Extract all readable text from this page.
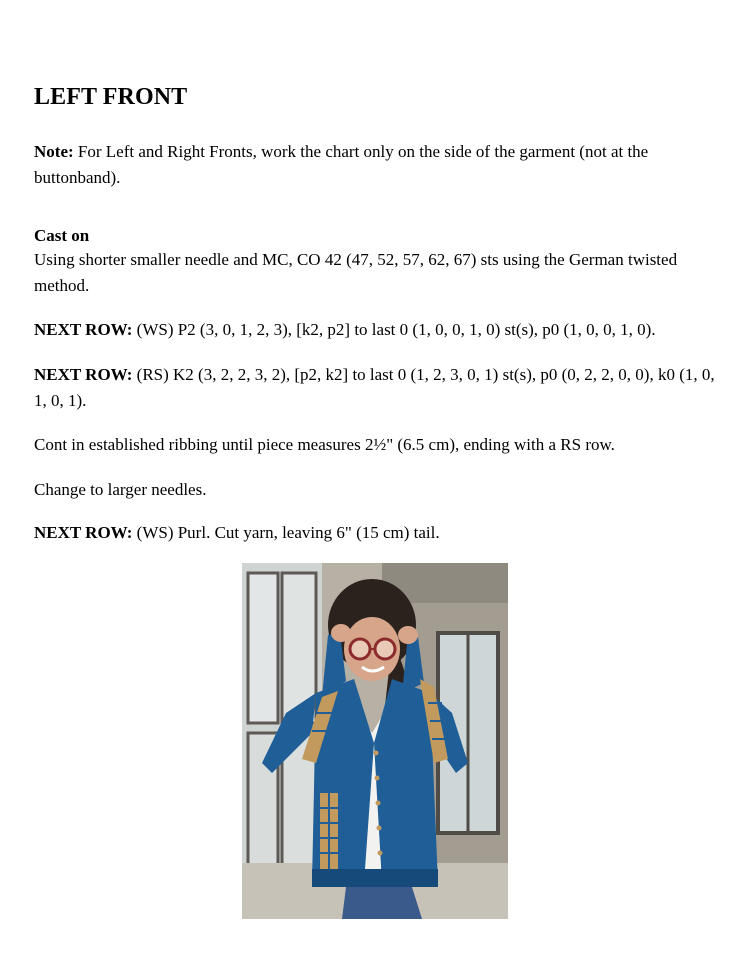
LEFT FRONT

Note: For Left and Right Fronts, work the chart only on the side of the garment (not at the buttonband).

Cast on

Using shorter smaller needle and MC, CO 42 (47, 52, 57, 62, 67) sts using the German twisted method.

NEXT ROW: (WS) P2 (3, 0, 1, 2, 3), [k2, p2] to last 0 (1, 0, 0, 1, 0) st(s), p0 (1, 0, 0, 1, 0).

NEXT ROW: (RS) K2 (3, 2, 2, 3, 2), [p2, k2] to last 0 (1, 2, 3, 0, 1) st(s), p0 (0, 2, 2, 0, 0), k0 (1, 0, 1, 0, 1).

Cont in established ribbing until piece measures 2½" (6.5 cm), ending with a RS row.

Change to larger needles.

NEXT ROW: (WS) Purl. Cut yarn, leaving 6" (15 cm) tail.
